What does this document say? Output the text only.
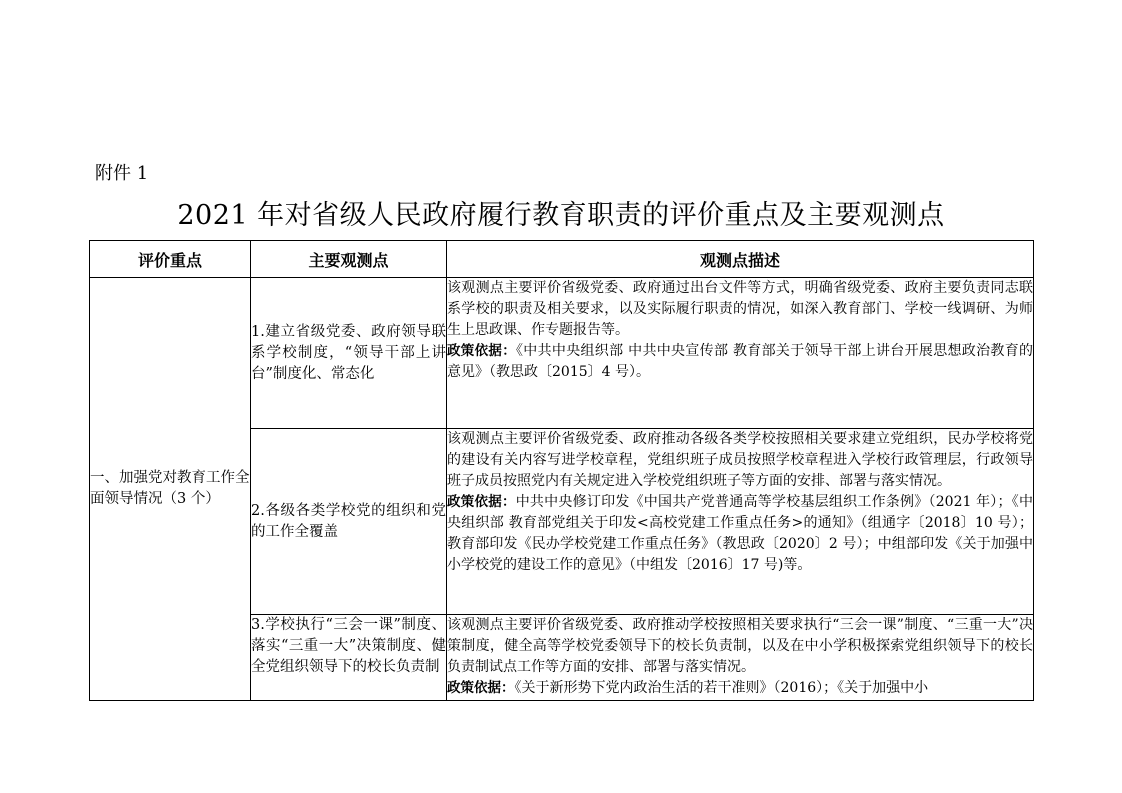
附件 1
2021 年对省级人民政府履行教育职责的评价重点及主要观测点
评价重点	主要观测点	观测点描述
一、加强党对教育工作全面领导情况（3 个）	1.建立省级党委、政府领导联系学校制度，“领导干部上讲台”制度化、常态化	该观测点主要评价省级党委、政府通过出台文件等方式，明确省级党委、政府主要负责同志联系学校的职责及相关要求，以及实际履行职责的情况，如深入教育部门、学校一线调研、为师生上思政课、作专题报告等。

政策依据：《中共中央组织部 中共中央宣传部 教育部关于领导干部上讲台开展思想政治教育的意见》（教思政〔2015〕4 号）。

	2.各级各类学校党的组织和党的工作全覆盖	该观测点主要评价省级党委、政府推动各级各类学校按照相关要求建立党组织，民办学校将党的建设有关内容写进学校章程，党组织班子成员按照学校章程进入学校行政管理层，行政领导班子成员按照党内有关规定进入学校党组织班子等方面的安排、部署与落实情况。

政策依据：中共中央修订印发《中国共产党普通高等学校基层组织工作条例》（2021 年）；《中央组织部 教育部党组关于印发<高校党建工作重点任务>的通知》（组通字〔2018〕10 号）；教育部印发《民办学校党建工作重点任务》（教思政〔2020〕2 号）；中组部印发《关于加强中小学校党的建设工作的意见》（中组发〔2016〕17 号)等。

	3.学校执行“三会一课”制度、落实“三重一大”决策制度、健全党组织领导下的校长负责制	该观测点主要评价省级党委、政府推动学校按照相关要求执行“三会一课”制度、“三重一大”决策制度，健全高等学校党委领导下的校长负责制，以及在中小学积极探索党组织领导下的校长负责制试点工作等方面的安排、部署与落实情况。

政策依据：《关于新形势下党内政治生活的若干准则》（2016）；《关于加强中小
